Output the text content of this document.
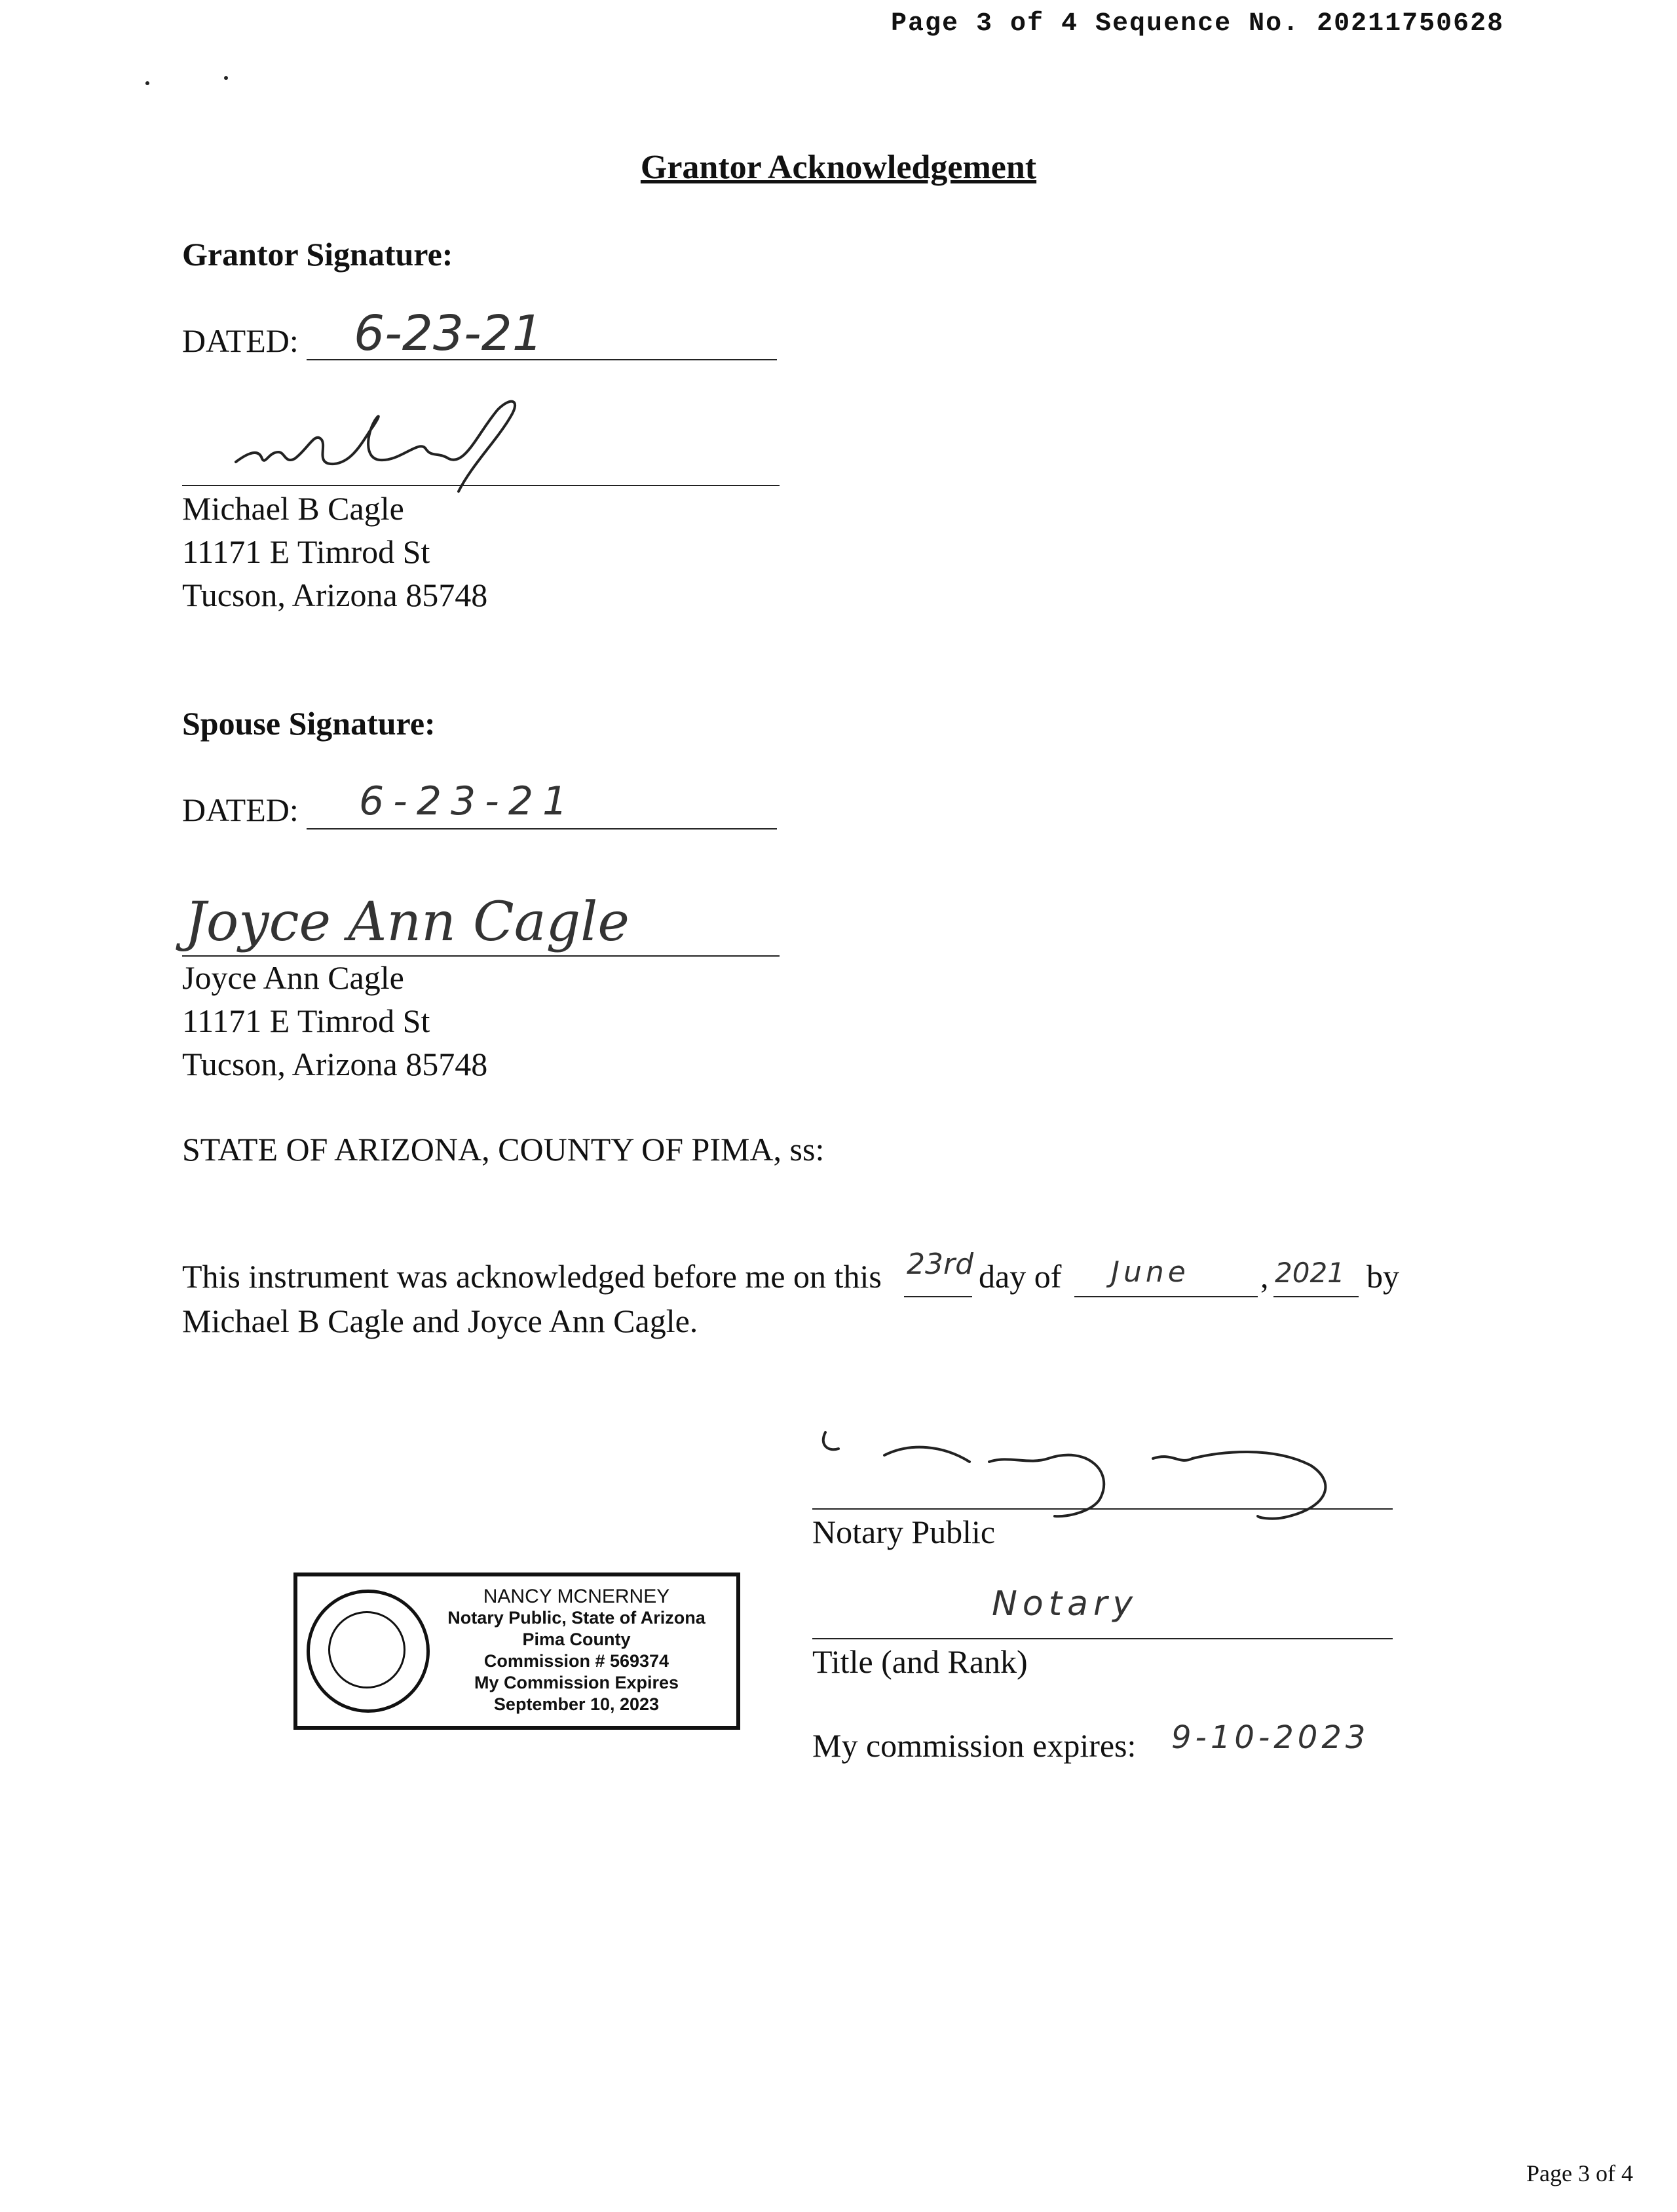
Page 3 of 4 Sequence No. 20211750628
Grantor Acknowledgement
Grantor Signature:
DATED: 6-23-21
Michael B Cagle
11171 E Timrod St
Tucson, Arizona 85748
Spouse Signature:
DATED: 6-23-21
Joyce Ann Cagle
Joyce Ann Cagle
11171 E Timrod St
Tucson, Arizona 85748
STATE OF ARIZONA, COUNTY OF PIMA, ss:
This instrument was acknowledged before me on this 23rd day of June , 2021 by
Michael B Cagle and Joyce Ann Cagle.
Notary Public
Notary
Title (and Rank)
My commission expires: 9-10-2023
NANCY MCNERNEY
Notary Public, State of Arizona
Pima County
Commission # 569374
My Commission Expires
September 10, 2023
Page 3 of 4
